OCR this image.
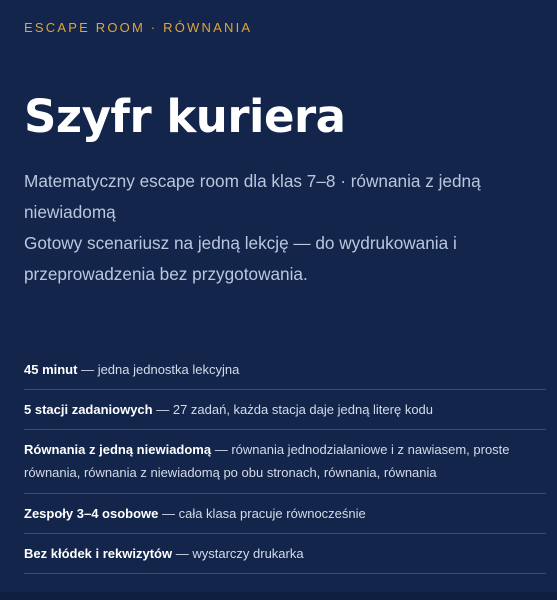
ESCAPE ROOM · RÓWNANIA
Szyfr kuriera

Matematyczny escape room dla klas 7–8 · równania z jedną niewiadomą

Gotowy scenariusz na jedną lekcję — do wydrukowania i przeprowadzenia bez przygotowania.

45 minut — jedna jednostka lekcyjna
5 stacji zadaniowych — 27 zadań, każda stacja daje jedną literę kodu
Równania z jedną niewiadomą — równania jednodziałaniowe i z nawiasem, proste równania, równania z niewiadomą po obu stronach, równania, równania
Zespoły 3–4 osobowe — cała klasa pracuje równocześnie
Bez kłódek i rekwizytów — wystarczy drukarka
